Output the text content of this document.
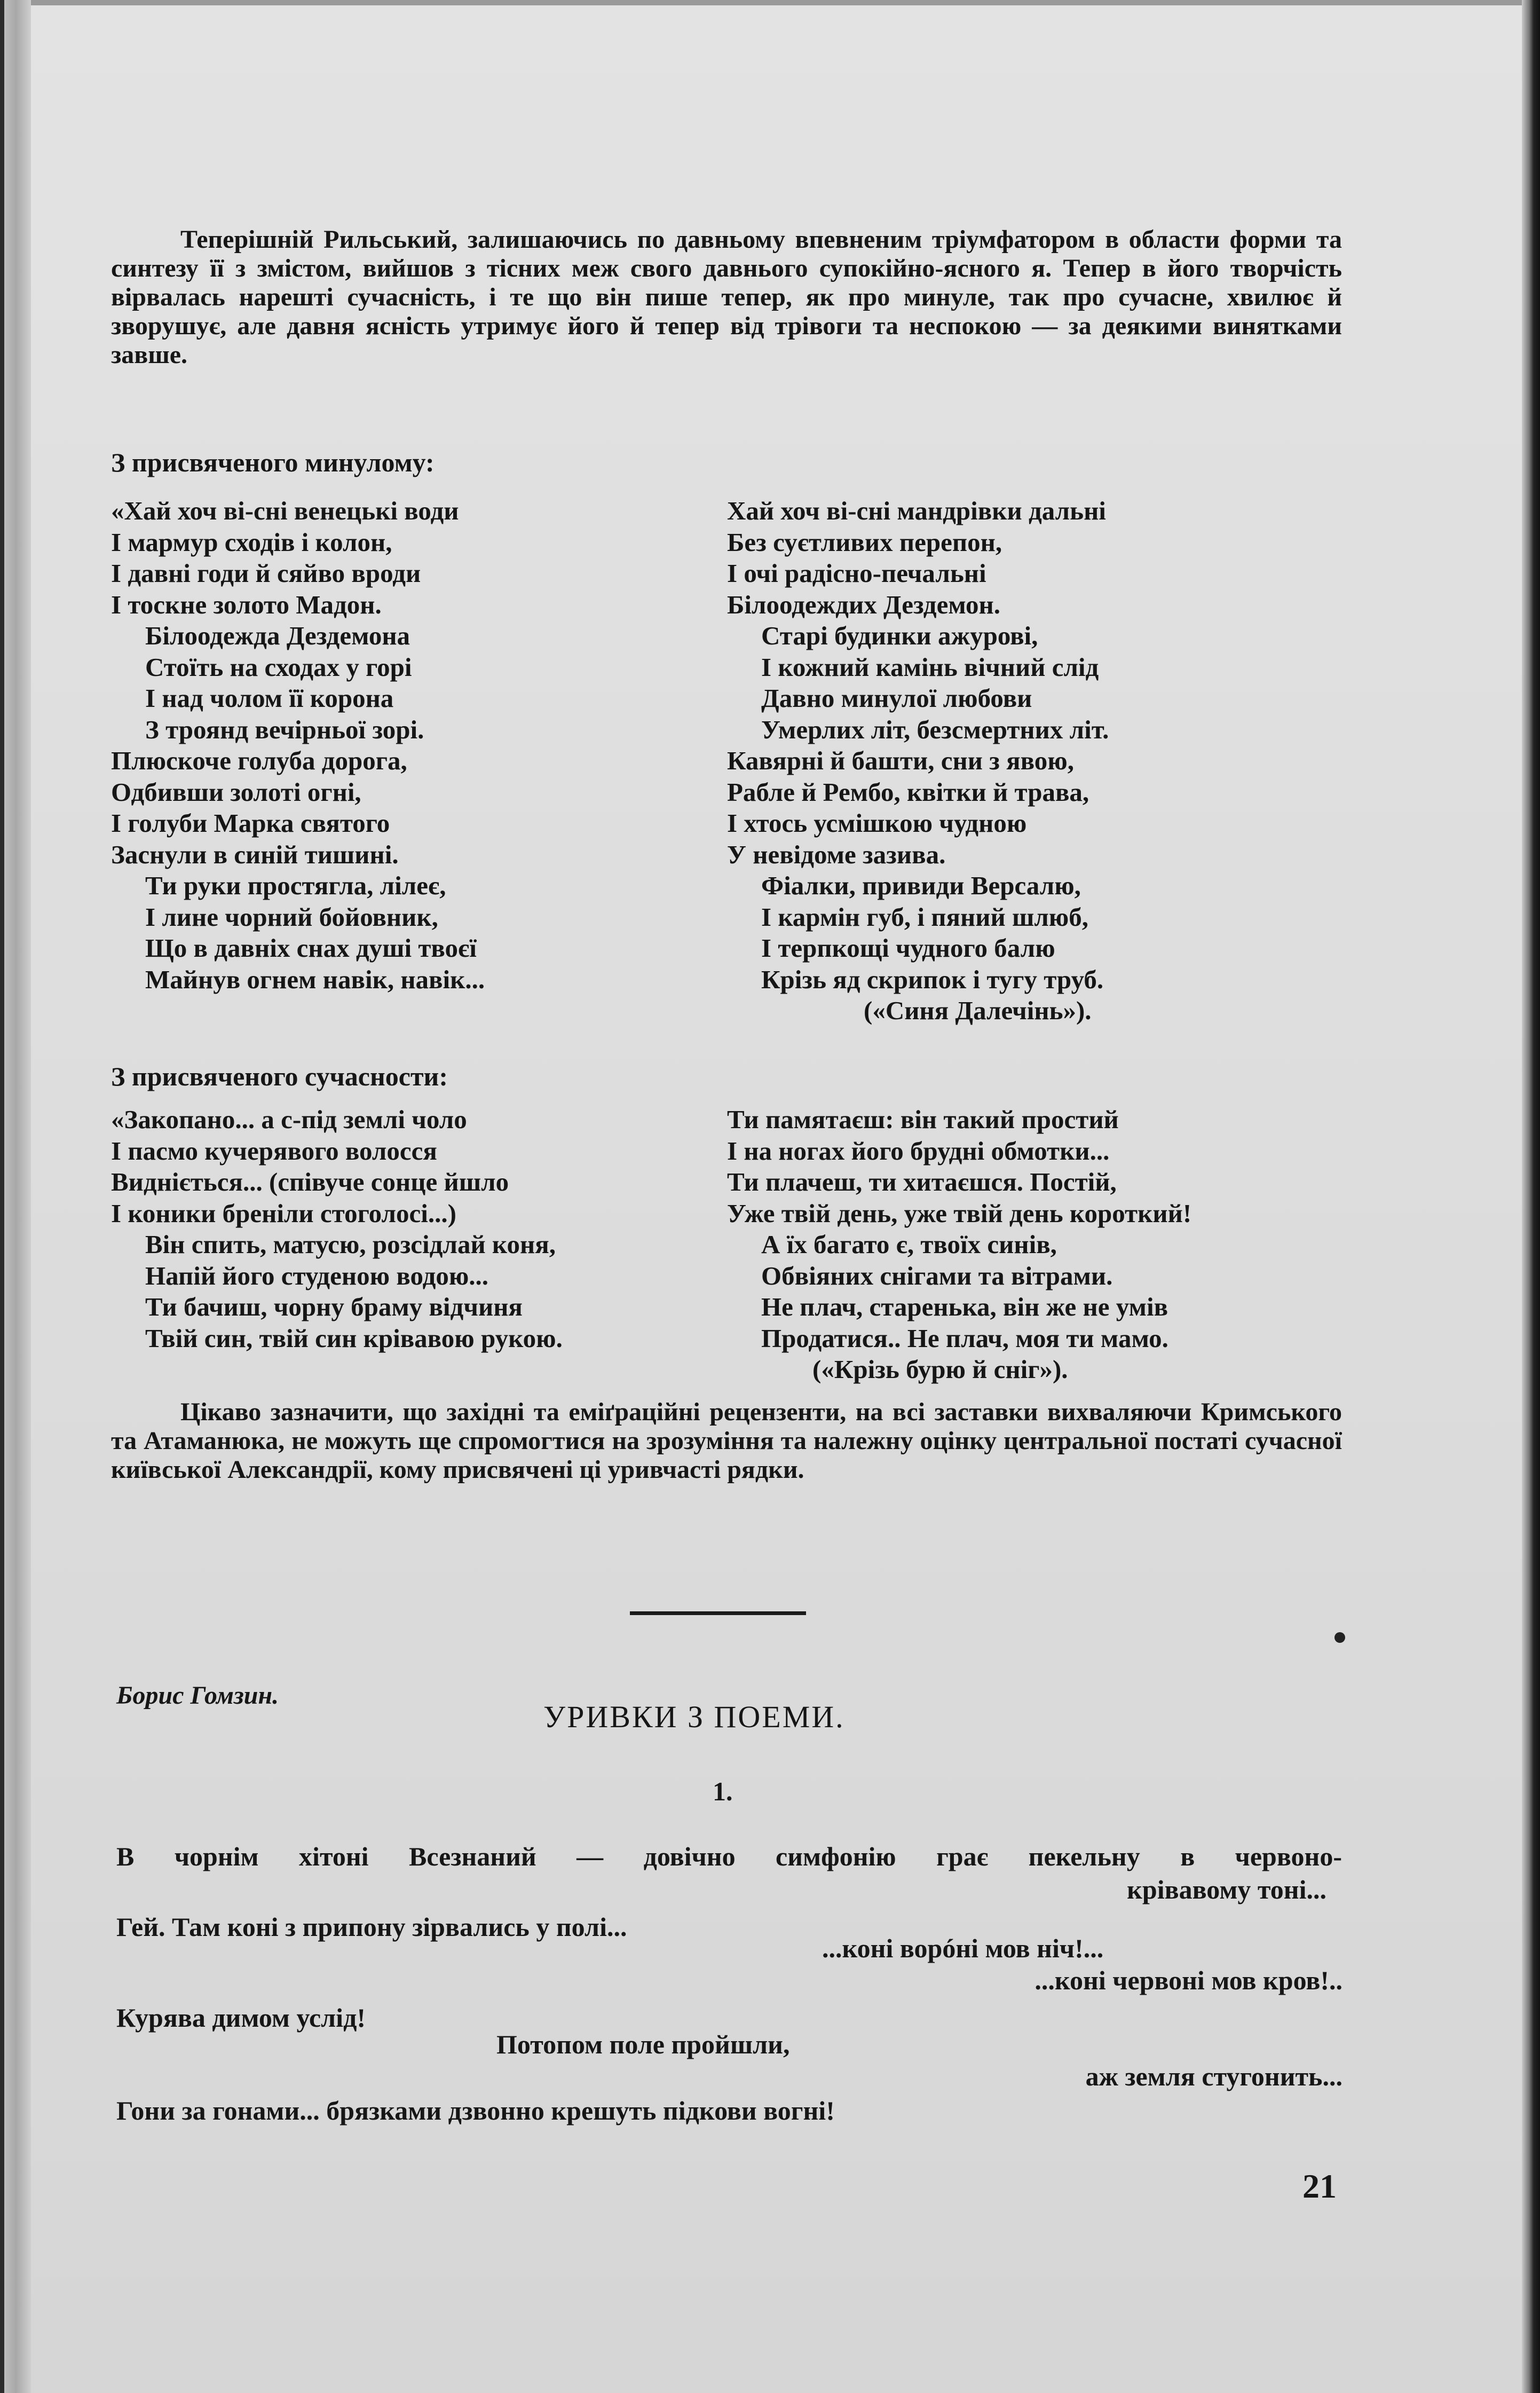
Теперішній Рильський, залишаючись по давньому впевненим тріумфатором в области форми та синтезу її з змістом, вийшов з тісних меж свого давнього супокійно-ясного я. Тепер в його творчість вірвалась нарешті сучасність, і те що він пише тепер, як про минуле, так про сучасне, хвилює й зворушує, але давня ясність утримує його й тепер від трівоги та неспокою — за деякими винятками завше.

З присвяченого минулому:

«Хай хоч ві-сні венецькі води
І мармур сходів і колон,
І давні годи й сяйво вроди
І тоскне золото Мадон.
Білоодежда Дездемона
Стоїть на сходах у горі
І над чолом її корона
З троянд вечірньої зорі.
Плюскоче голуба дорога,
Одбивши золоті огні,
І голуби Марка святого
Заснули в синій тишині.
Ти руки простягла, лілеє,
І лине чорний бойовник,
Що в давніх снах душі твоєї
Майнув огнем навік, навік...
Хай хоч ві-сні мандрівки дальні
Без суєтливих перепон,
І очі радісно-печальні
Білоодеждих Дездемон.
Старі будинки ажурові,
І кожний камінь вічний слід
Давно минулої любови
Умерлих літ, безсмертних літ.
Кавярні й башти, сни з явою,
Рабле й Рембо, квітки й трава,
І хтось усмішкою чудною
У невідоме зазива.
Фіалки, привиди Версалю,
І кармін губ, і пяний шлюб,
І терпкощі чудного балю
Крізь яд скрипок і тугу труб.
(«Синя Далечінь»).

З присвяченого сучасности:

«Закопано... а с-під землі чоло
І пасмо кучерявого волосся
Видніється... (співуче сонце йшло
І коники бреніли стоголосі...)
Він спить, матусю, розсідлай коня,
Напій його студеною водою...
Ти бачиш, чорну браму відчиня
Твій син, твій син крівавою рукою.
Ти памятаєш: він такий простий
І на ногах його брудні обмотки...
Ти плачеш, ти хитаєшся. Постій,
Уже твій день, уже твій день короткий!
А їх багато є, твоїх синів,
Обвіяних снігами та вітрами.
Не плач, старенька, він же не умів
Продатися.. Не плач, моя ти мамо.
(«Крізь бурю й сніг»).

Цікаво зазначити, що західні та еміґраційні рецензенти, на всі заставки вихваляючи Кримського та Атаманюка, не можуть ще спромогтися на зрозуміння та належну оцінку центральної постаті сучасної київської Александрії, кому присвячені ці уривчасті рядки.

Борис Гомзин.

УРИВКИ З ПОЕМИ.

1.

В чорнім хітоні Всезнаний — довічно симфонію грає пекельну в червоно-

крівавому тоні...

Гей. Там коні з припону зірвались у полі...

...коні ворóні мов ніч!...

...коні червоні мов кров!..

Курява димом услід!

Потопом поле пройшли,

аж земля стугонить...

Гони за гонами... брязками дзвонно крешуть підкови вогні!

21
